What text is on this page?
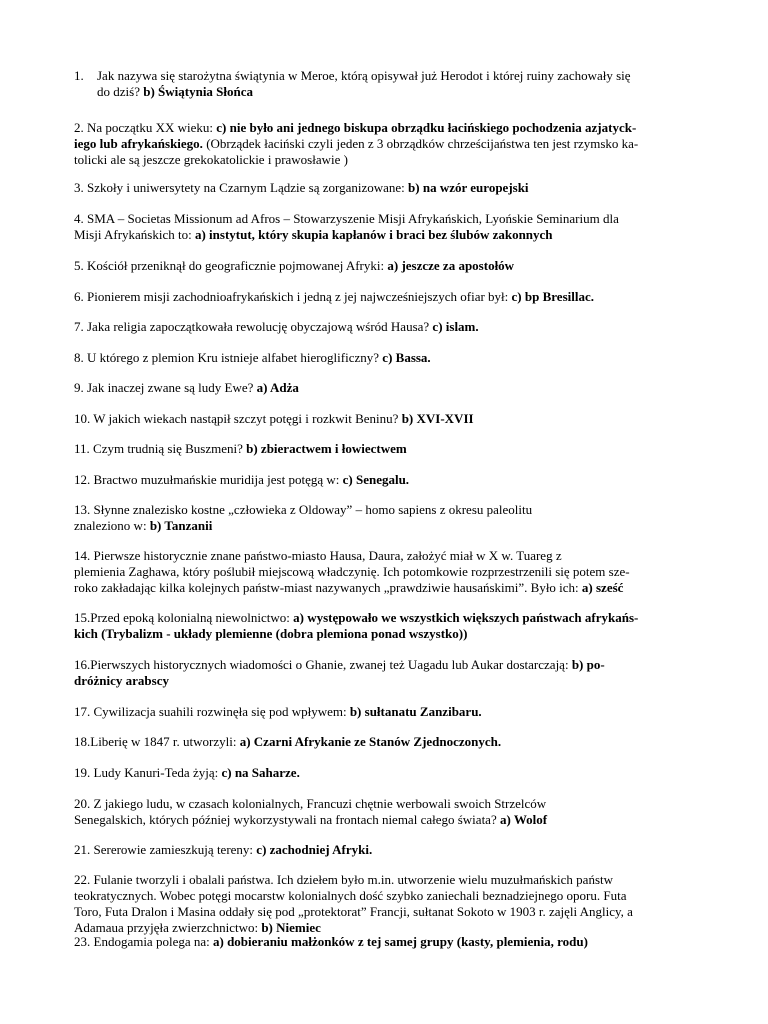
1. Jak nazywa się starożytna świątynia w Meroe, którą opisywał już Herodot i której ruiny zachowały się
do dziś? b) Świątynia Słońca
2. Na początku XX wieku: c) nie było ani jednego biskupa obrządku łacińskiego pochodzenia azjatyck-
iego lub afrykańskiego. (Obrządek łaciński czyli jeden z 3 obrządków chrześcijaństwa ten jest rzymsko ka-
tolicki ale są jeszcze grekokatolickie i prawosławie )
3. Szkoły i uniwersytety na Czarnym Lądzie są zorganizowane: b) na wzór europejski
4. SMA – Societas Missionum ad Afros – Stowarzyszenie Misji Afrykańskich, Lyońskie Seminarium dla
Misji Afrykańskich to: a) instytut, który skupia kapłanów i braci bez ślubów zakonnych
5. Kościół przeniknął do geograficznie pojmowanej Afryki: a) jeszcze za apostołów
6. Pionierem misji zachodnioafrykańskich i jedną z jej najwcześniejszych ofiar był: c) bp Bresillac.
7. Jaka religia zapoczątkowała rewolucję obyczajową wśród Hausa? c) islam.
8. U którego z plemion Kru istnieje alfabet hieroglificzny? c) Bassa.
9. Jak inaczej zwane są ludy Ewe? a) Adża
10. W jakich wiekach nastąpił szczyt potęgi i rozkwit Beninu? b) XVI-XVII
11. Czym trudnią się Buszmeni? b) zbieractwem i łowiectwem
12. Bractwo muzułmańskie muridija jest potęgą w: c) Senegalu.
13. Słynne znalezisko kostne „człowieka z Oldoway” – homo sapiens z okresu paleolitu
znaleziono w: b) Tanzanii
14. Pierwsze historycznie znane państwo-miasto Hausa, Daura, założyć miał w X w. Tuareg z
plemienia Zaghawa, który poślubił miejscową władczynię. Ich potomkowie rozprzestrzenili się potem sze-
roko zakładając kilka kolejnych państw-miast nazywanych „prawdziwie hausańskimi”. Było ich: a) sześć
15.Przed epoką kolonialną niewolnictwo: a) występowało we wszystkich większych państwach afrykańs-
kich (Trybalizm - układy plemienne (dobra plemiona ponad wszystko))
16.Pierwszych historycznych wiadomości o Ghanie, zwanej też Uagadu lub Aukar dostarczają: b) po-
dróżnicy arabscy
17. Cywilizacja suahili rozwinęła się pod wpływem: b) sułtanatu Zanzibaru.
18.Liberię w 1847 r. utworzyli: a) Czarni Afrykanie ze Stanów Zjednoczonych.
19. Ludy Kanuri-Teda żyją: c) na Saharze.
20. Z jakiego ludu, w czasach kolonialnych, Francuzi chętnie werbowali swoich Strzelców
Senegalskich, których później wykorzystywali na frontach niemal całego świata? a) Wolof
21. Sererowie zamieszkują tereny: c) zachodniej Afryki.
22. Fulanie tworzyli i obalali państwa. Ich dziełem było m.in. utworzenie wielu muzułmańskich państw
teokratycznych. Wobec potęgi mocarstw kolonialnych dość szybko zaniechali beznadziejnego oporu. Futa
Toro, Futa Dralon i Masina oddały się pod „protektorat” Francji, sułtanat Sokoto w 1903 r. zajęli Anglicy, a
Adamaua przyjęła zwierzchnictwo: b) Niemiec
23. Endogamia polega na: a) dobieraniu małżonków z tej samej grupy (kasty, plemienia, rodu)
